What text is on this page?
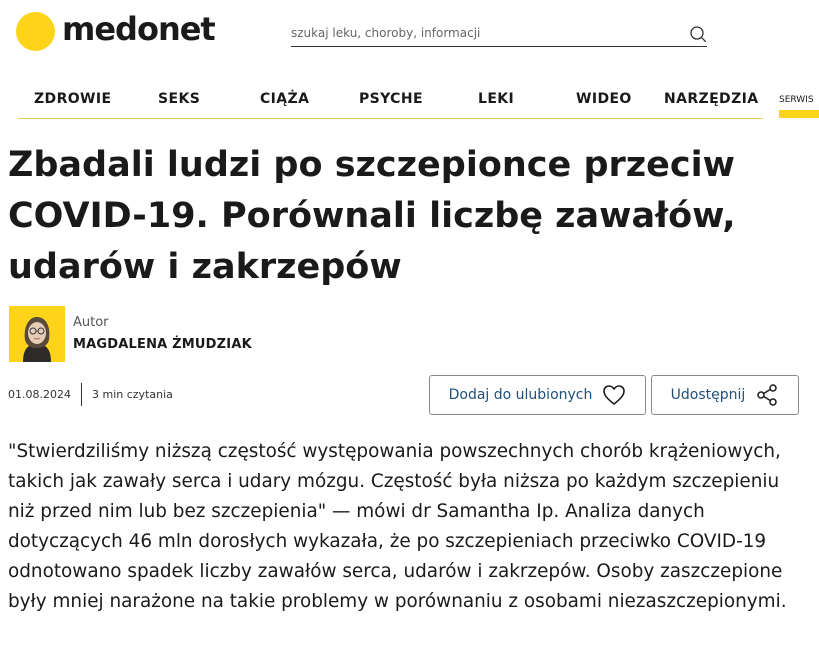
medonet
szukaj leku, choroby, informacji
ZDROWIE	SEKS	CIĄŻA	PSYCHE	LEKI	WIDEO NARZĘDZIA SERWIS
Zbadali ludzi po szczepionce przeciw COVID-19. Porównali liczbę zawałów, udarów i zakrzepów
Autor
MAGDALENA ŻMUDZIAK
01.08.2024 3 min czytania	Dodaj do ulubionych	Udostępnij

"Stwierdziliśmy niższą częstość występowania powszechnych chorób krążeniowych, takich jak zawały serca i udary mózgu. Częstość była niższa po każdym szczepieniu niż przed nim lub bez szczepienia" — mówi dr Samantha Ip. Analiza danych dotyczących 46 mln dorosłych wykazała, że po szczepieniach przeciwko COVID-19 odnotowano spadek liczby zawałów serca, udarów i zakrzepów. Osoby zaszczepione były mniej narażone na takie problemy w porównaniu z osobami niezaszczepionymi.
